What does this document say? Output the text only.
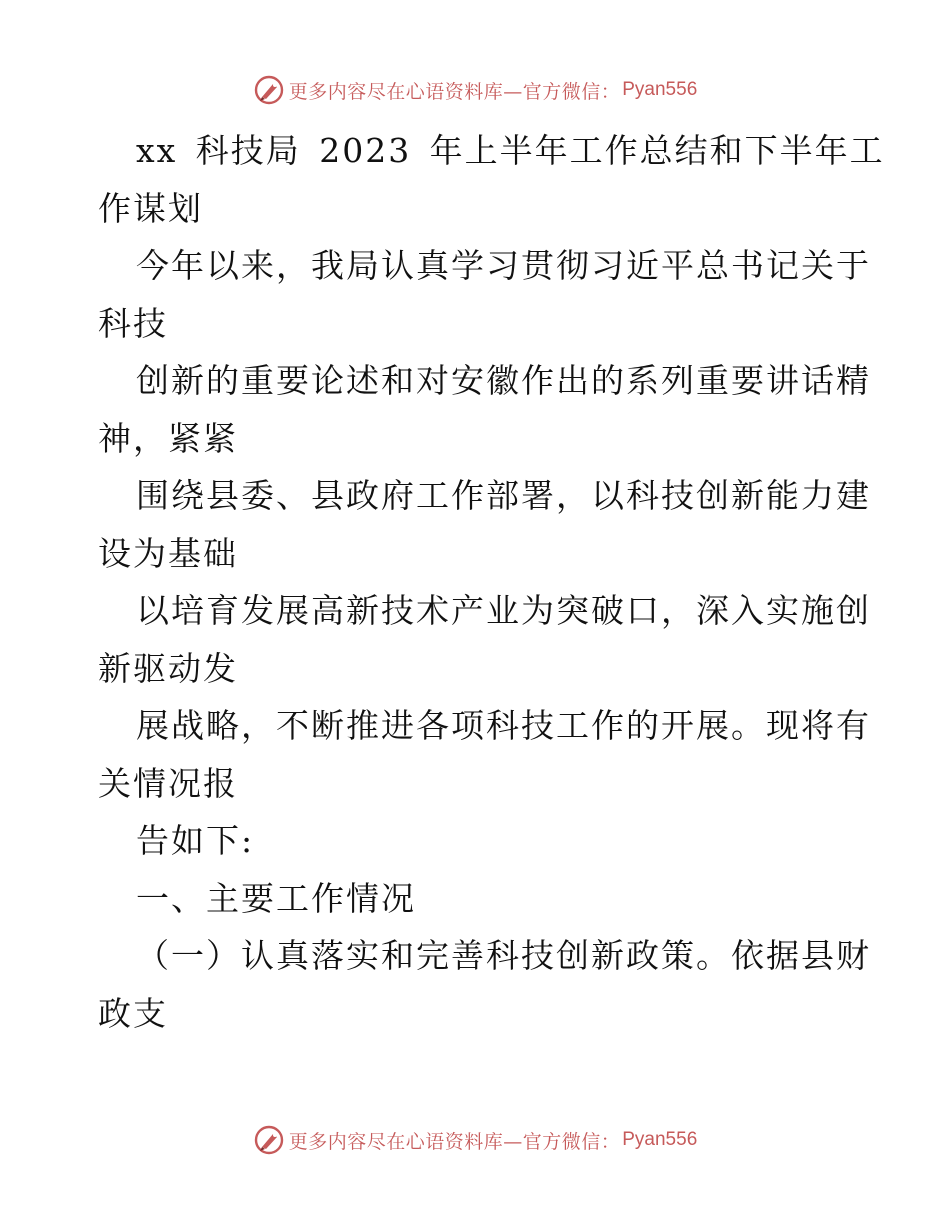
更多内容尽在心语资料库—官方微信： Pyan556
xx 科技局 2023 年上半年工作总结和下半年工
作谋划
今年以来，我局认真学习贯彻习近平总书记关于
科技
创新的重要论述和对安徽作出的系列重要讲话精
神，紧紧
围绕县委、县政府工作部署，以科技创新能力建
设为基础
以培育发展高新技术产业为突破口，深入实施创
新驱动发
展战略，不断推进各项科技工作的开展。现将有
关情况报
告如下:
一、主要工作情况
（一）认真落实和完善科技创新政策。依据县财
政支
更多内容尽在心语资料库—官方微信： Pyan556
